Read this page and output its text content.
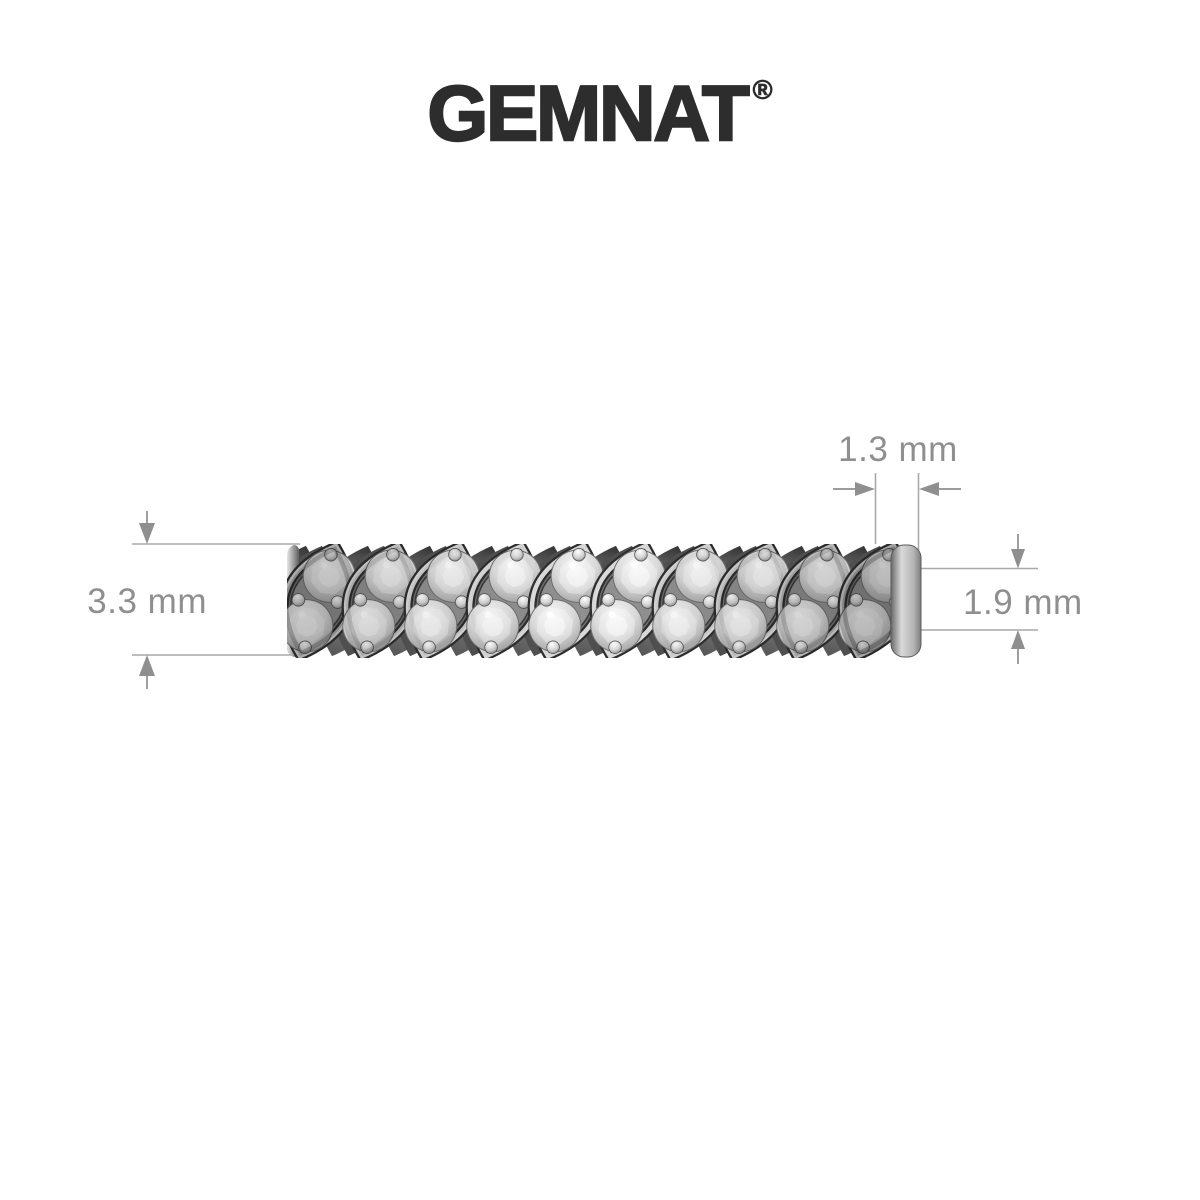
GEMNAT ®
3.3 mm
1.3 mm
1.9 mm
